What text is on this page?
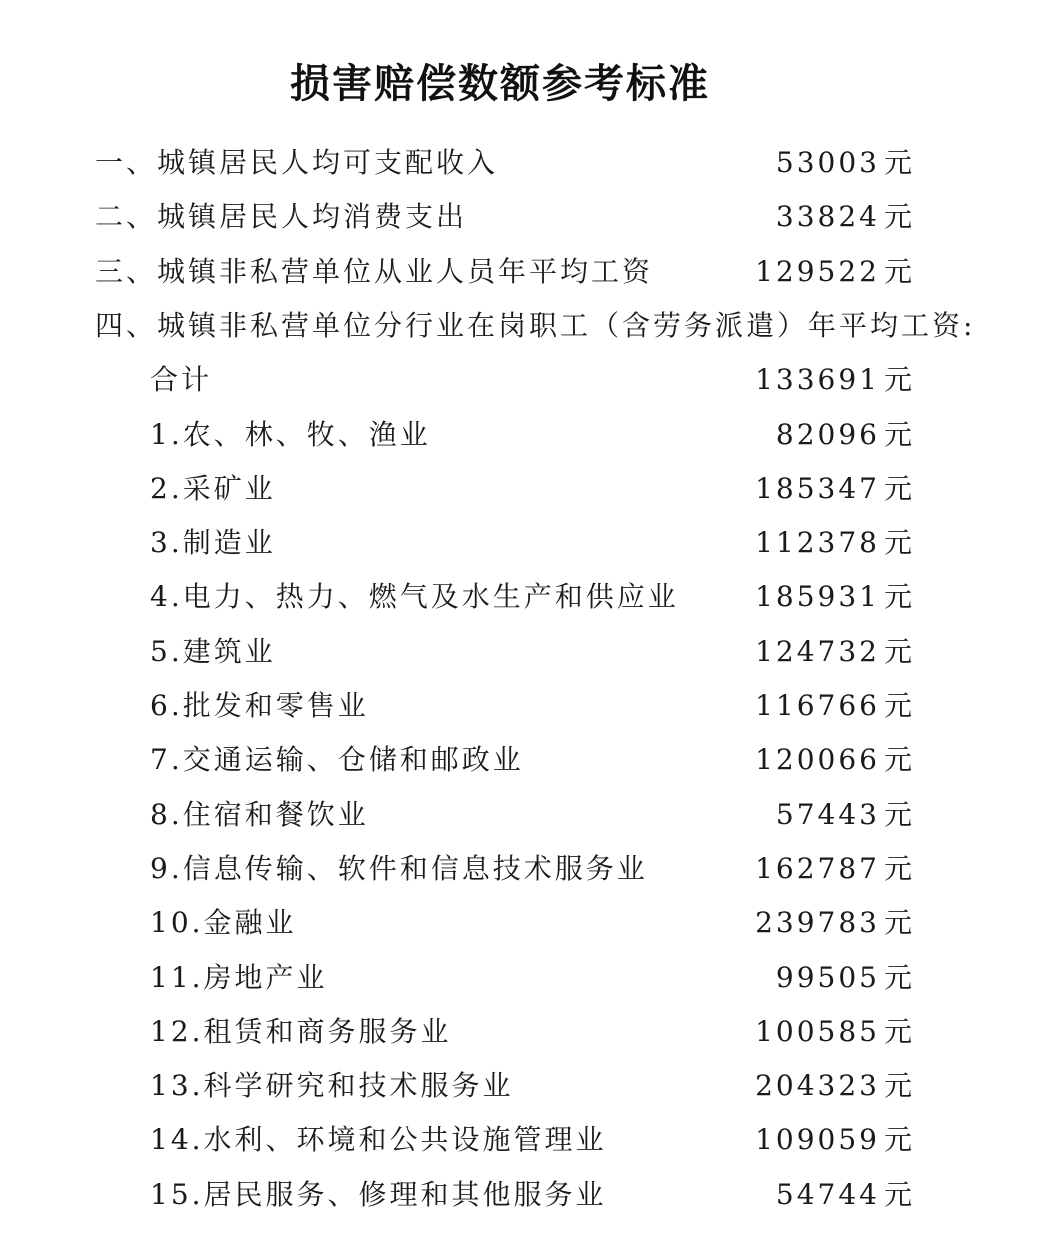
损害赔偿数额参考标准
一、城镇居民人均可支配收入	53003 元
二、城镇居民人均消费支出	33824 元
三、城镇非私营单位从业人员年平均工资	129522 元
四、城镇非私营单位分行业在岗职工（含劳务派遣）年平均工资:
合计	133691 元
1.农、林、牧、渔业	82096 元
2.采矿业	185347 元
3.制造业	112378 元
4.电力、热力、燃气及水生产和供应业	185931 元
5.建筑业	124732 元
6.批发和零售业	116766 元
7.交通运输、仓储和邮政业	120066 元
8.住宿和餐饮业	57443 元
9.信息传输、软件和信息技术服务业	162787 元
10.金融业	239783 元
11.房地产业	99505 元
12.租赁和商务服务业	100585 元
13.科学研究和技术服务业	204323 元
14.水利、环境和公共设施管理业	109059 元
15.居民服务、修理和其他服务业	54744 元
